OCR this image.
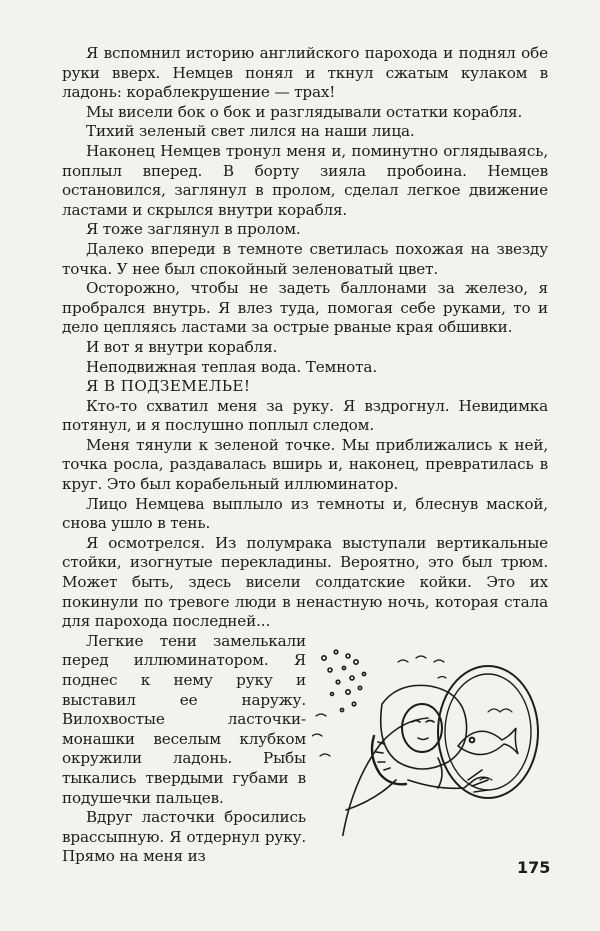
Я вспомнил историю английского парохода и поднял обе руки вверх. Немцев понял и ткнул сжатым кулаком в ладонь: кораблекрушение — трах!

Мы висели бок о бок и разглядывали остатки корабля.

Тихий зеленый свет лился на наши лица.

Наконец Немцев тронул меня и, поминутно оглядываясь, поплыл вперед. В борту зияла пробоина. Немцев остановился, заглянул в пролом, сделал легкое движение ластами и скрылся внутри корабля.

Я тоже заглянул в пролом.

Далеко впереди в темноте светилась похожая на звезду точка. У нее был спокойный зеленоватый цвет.

Осторожно, чтобы не задеть баллонами за железо, я пробрался внутрь. Я влез туда, помогая себе руками, то и дело цепляясь ластами за острые рваные края обшивки.

И вот я внутри корабля.

Неподвижная теплая вода. Темнота.

Я В ПОДЗЕМЕЛЬЕ!

Кто-то схватил меня за руку. Я вздрогнул. Невидимка потянул, и я послушно поплыл следом.

Меня тянули к зеленой точке. Мы приближались к ней, точка росла, раздавалась вширь и, наконец, превратилась в круг. Это был корабельный иллюминатор.

Лицо Немцева выплыло из темноты и, блеснув маской, снова ушло в тень.

Я осмотрелся. Из полумрака выступали вертикальные стойки, изогнутые перекладины. Вероятно, это был трюм. Может быть, здесь висели солдатские койки. Это их покинули по тревоге люди в ненастную ночь, которая стала для парохода последней...

Легкие тени замелькали перед иллюминатором. Я поднес к нему руку и выставил ее наружу. Вилохвостые ласточки-монашки веселым клубком окружили ладонь. Рыбы тыкались твердыми губами в подушечки пальцев.

Вдруг ласточки бросились врассыпную. Я отдернул руку. Прямо на меня из

175
